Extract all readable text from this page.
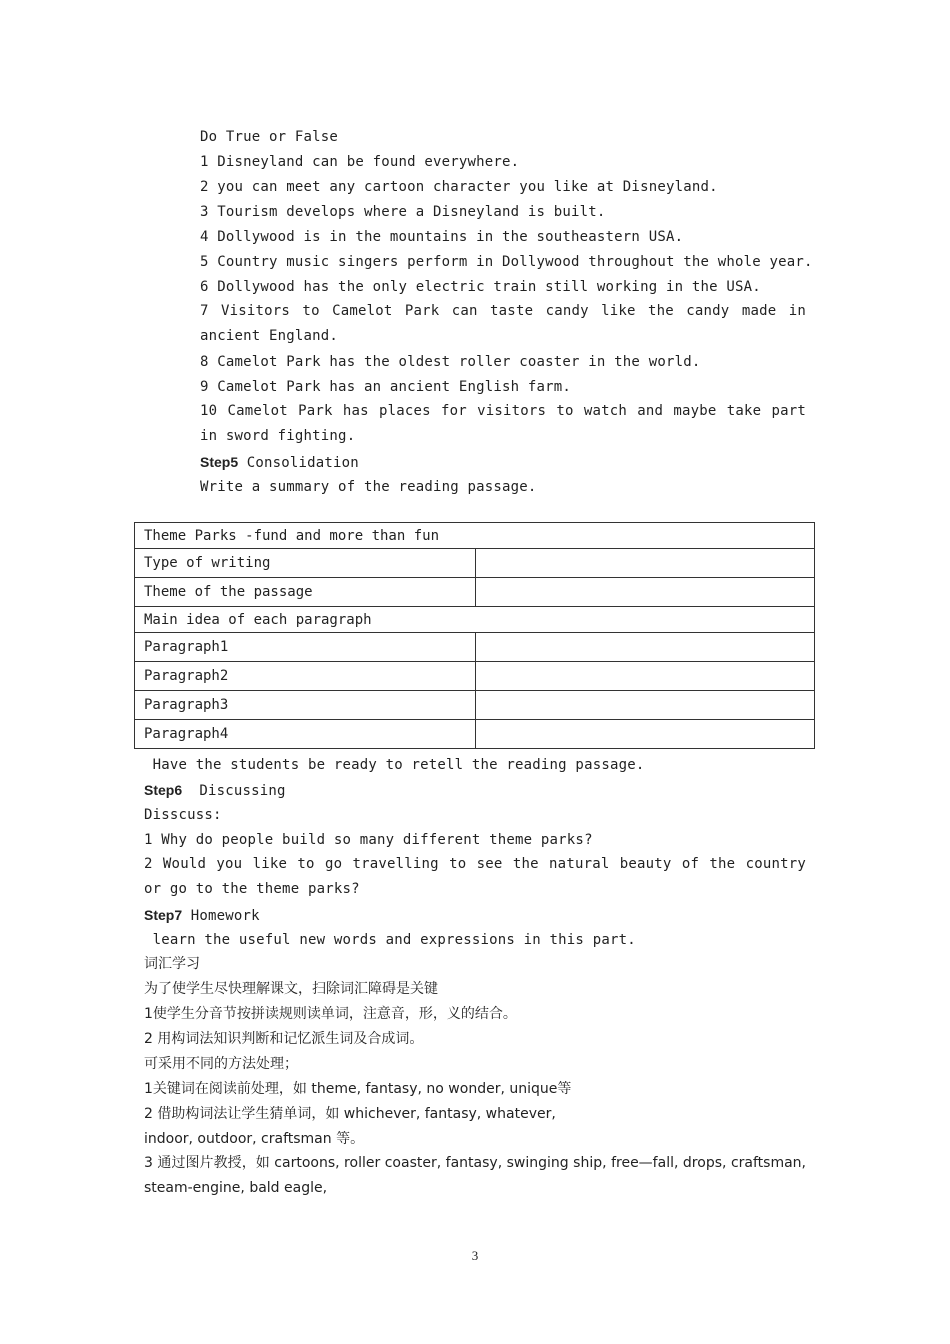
Do True or False
1 Disneyland can be found everywhere.
2 you can meet any cartoon character you like at Disneyland.
3 Tourism develops where a Disneyland is built.
4 Dollywood is in the mountains in the southeastern USA.
5 Country music singers perform in Dollywood throughout the whole year.
6 Dollywood has the only electric train still working in the USA.
7 Visitors to Camelot Park can taste candy like the candy made in ancient England.
8 Camelot Park has the oldest roller coaster in the world.
9 Camelot Park has an ancient English farm.
10 Camelot Park has places for visitors to watch and maybe take part in sword fighting.
Step5 Consolidation
Write a summary of the reading passage.
Theme Parks -fund and more than fun	
Type of writing	
Theme of the passage	
Main idea of each paragraph	
Paragraph1	
Paragraph2	
Paragraph3	
Paragraph4	
Have the students be ready to retell the reading passage.
Step6  Discussing
Disscuss:
1 Why do people build so many different theme parks?
2 Would you like to go travelling to see the natural beauty of the country or go to the theme parks?
Step7 Homework
learn the useful new words and expressions in this part.
词汇学习
为了使学生尽快理解课文，扫除词汇障碍是关键
1使学生分音节按拼读规则读单词，注意音，形，义的结合。
2 用构词法知识判断和记忆派生词及合成词。
可采用不同的方法处理；
1关键词在阅读前处理，如 theme, fantasy, no wonder, unique等
2 借助构词法让学生猜单词，如 whichever, fantasy, whatever,
indoor, outdoor, craftsman 等。
3 通过图片教授，如 cartoons, roller coaster, fantasy, swinging ship, free—fall, drops, craftsman, steam-engine, bald eagle,
3
